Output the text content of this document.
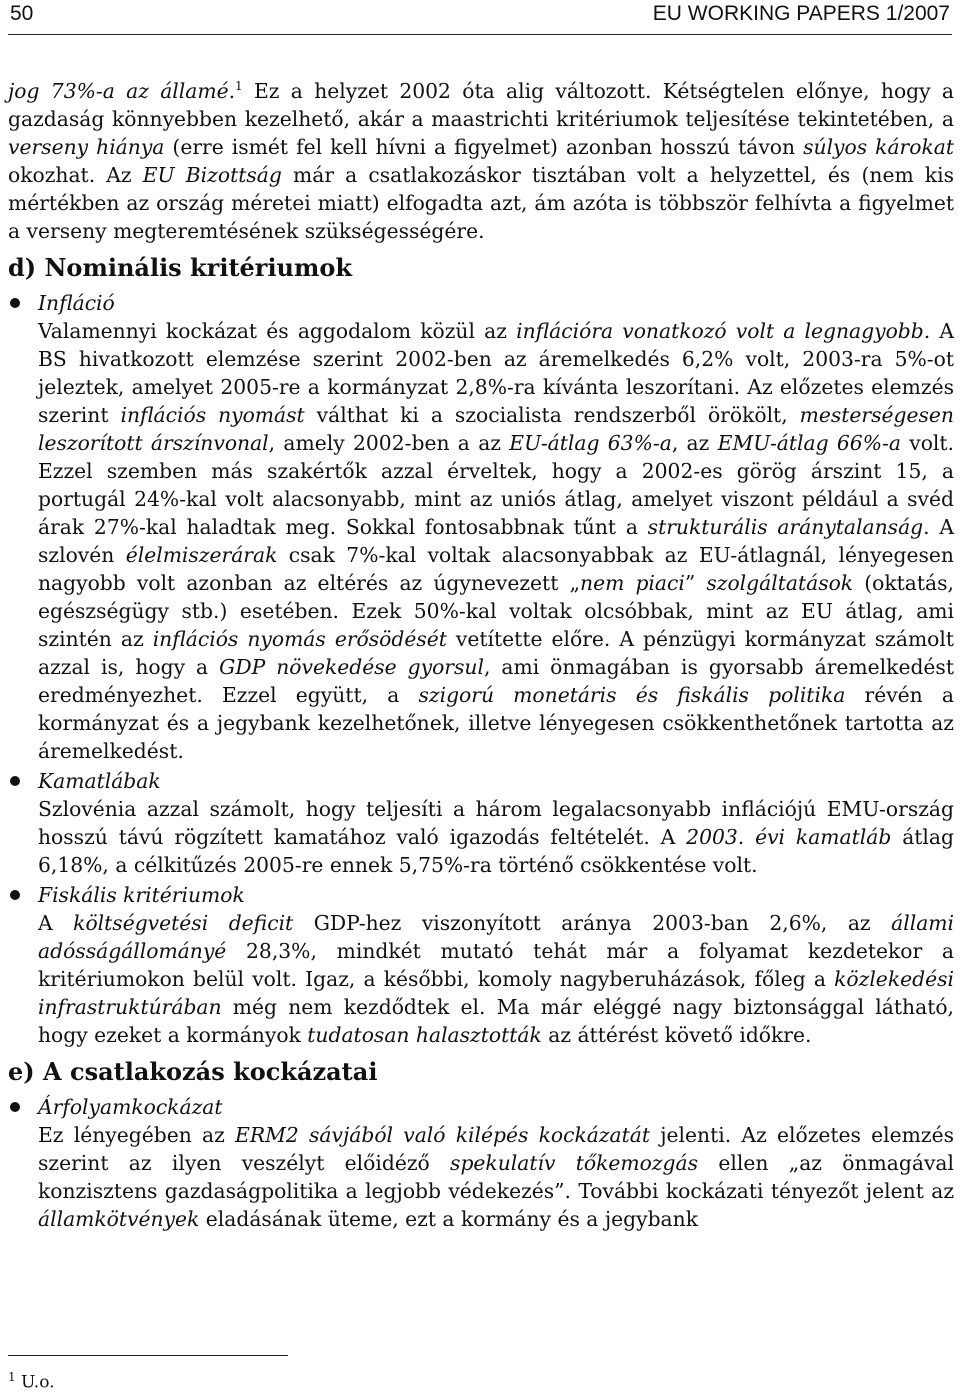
50	EU WORKING PAPERS 1/2007

jog 73%-a az államé.$^1$ Ez a helyzet 2002 óta alig változott. Kétségtelen előnye, hogy a gazdaság könnyebben kezelhető, akár a maastrichti kritériumok teljesítése tekintetében, a verseny hiánya (erre ismét fel kell hívni a figyelmet) azonban hosszú távon súlyos károkat okozhat. Az EU Bizottság már a csatlakozáskor tisztában volt a helyzettel, és (nem kis mértékben az ország méretei miatt) elfogadta azt, ám azóta is többször felhívta a figyelmet a verseny megteremtésének szükségességére.

d) Nominális kritériumok
Infláció

Valamennyi kockázat és aggodalom közül az inflációra vonatkozó volt a legnagyobb. A BS hivatkozott elemzése szerint 2002-ben az áremelkedés 6,2% volt, 2003-ra 5%-ot jeleztek, amelyet 2005-re a kormányzat 2,8%-ra kívánta leszorítani. Az előzetes elemzés szerint inflációs nyomást válthat ki a szocialista rendszerből örökölt, mesterségesen leszorított árszínvonal, amely 2002-ben a az EU-átlag 63%-a, az EMU-átlag 66%-a volt. Ezzel szemben más szakértők azzal érveltek, hogy a 2002-es görög árszint 15, a portugál 24%-kal volt alacsonyabb, mint az uniós átlag, amelyet viszont például a svéd árak 27%-kal haladtak meg. Sokkal fontosabbnak tűnt a strukturális aránytalanság. A szlovén élelmiszerárak csak 7%-kal voltak alacsonyabbak az EU-átlagnál, lényegesen nagyobb volt azonban az eltérés az úgynevezett „nem piaci” szolgáltatások (oktatás, egészségügy stb.) esetében. Ezek 50%-kal voltak olcsóbbak, mint az EU átlag, ami szintén az inflációs nyomás erősödését vetítette előre. A pénzügyi kormányzat számolt azzal is, hogy a GDP növekedése gyorsul, ami önmagában is gyorsabb áremelkedést eredményezhet. Ezzel együtt, a szigorú monetáris és fiskális politika révén a kormányzat és a jegybank kezelhetőnek, illetve lényegesen csökkenthetőnek tartotta az áremelkedést.

Kamatlábak

Szlovénia azzal számolt, hogy teljesíti a három legalacsonyabb inflációjú EMU-ország hosszú távú rögzített kamatához való igazodás feltételét. A 2003. évi kamatláb átlag 6,18%, a célkitűzés 2005-re ennek 5,75%-ra történő csökkentése volt.

Fiskális kritériumok

A költségvetési deficit GDP-hez viszonyított aránya 2003-ban 2,6%, az állami adósságállományé 28,3%, mindkét mutató tehát már a folyamat kezdetekor a kritériumokon belül volt. Igaz, a későbbi, komoly nagyberuházások, főleg a közlekedési infrastruktúrában még nem kezdődtek el. Ma már eléggé nagy biztonsággal látható, hogy ezeket a kormányok tudatosan halasztották az áttérést követő időkre.

e) A csatlakozás kockázatai
Árfolyamkockázat

Ez lényegében az ERM2 sávjából való kilépés kockázatát jelenti. Az előzetes elemzés szerint az ilyen veszélyt előidéző spekulatív tőkemozgás ellen „az önmagával konzisztens gazdaságpolitika a legjobb védekezés”. További kockázati tényezőt jelent az államkötvények eladásának üteme, ezt a kormány és a jegybank

$^1$ U.o.
